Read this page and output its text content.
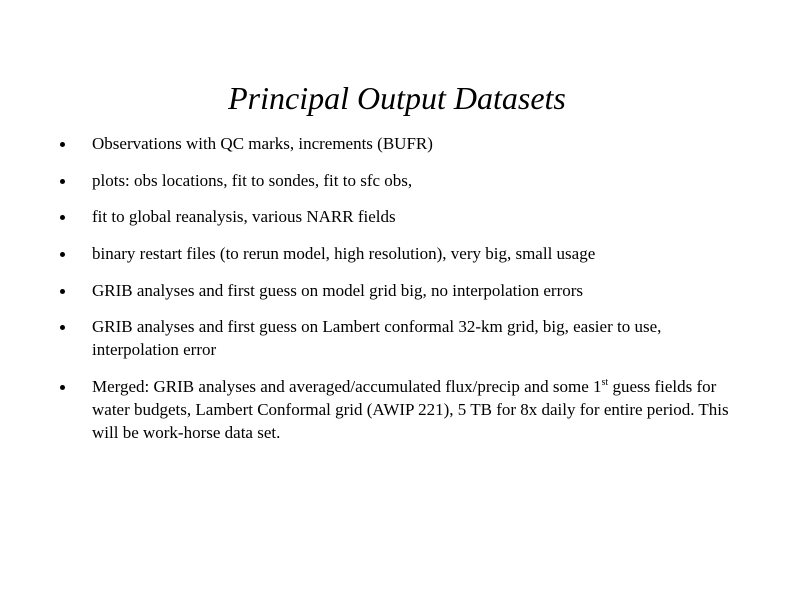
Principal Output Datasets
Observations with QC marks, increments (BUFR)
plots: obs locations, fit to sondes, fit to sfc obs,
fit to global reanalysis, various NARR fields
binary restart files (to rerun model, high resolution), very big, small usage
GRIB analyses and first guess on model grid big, no interpolation errors
GRIB analyses and first guess on Lambert conformal 32-km grid, big, easier to use, interpolation error
Merged: GRIB analyses and averaged/accumulated flux/precip and some 1st guess fields for water budgets, Lambert Conformal grid (AWIP 221), 5 TB for 8x daily for entire period. This will be work-horse data set.
